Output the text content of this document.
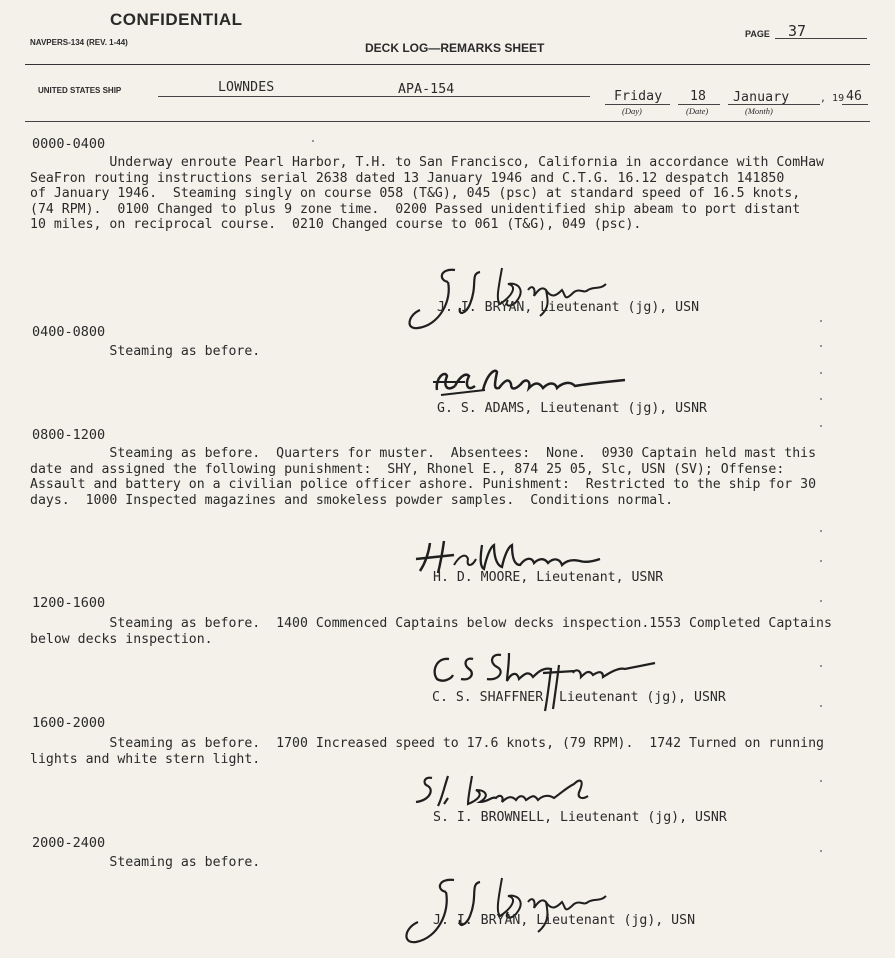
CONFIDENTIAL
NAVPERS-134 (REV. 1-44)	DECK LOG—REMARKS SHEET
PAGE 37
UNITED STATES SHIP	LOWNDES	APA-154	Friday 18 January	, 19 46
(Day)	(Date)	(Month)
0000-0400
Underway enroute Pearl Harbor, T.H. to San Francisco, California in accordance with ComHaw
SeaFron routing instructions serial 2638 dated 13 January 1946 and C.T.G. 16.12 despatch 141850
of January 1946.  Steaming singly on course 058 (T&G), 045 (psc) at standard speed of 16.5 knots,
(74 RPM).  0100 Changed to plus 9 zone time.  0200 Passed unidentified ship abeam to port distant
10 miles, on reciprocal course.  0210 Changed course to 061 (T&G), 049 (psc).
J. I. BRYAN, Lieutenant (jg), USN
0400-0800
Steaming as before.
G. S. ADAMS, Lieutenant (jg), USNR
0800-1200
Steaming as before.  Quarters for muster.  Absentees:  None.  0930 Captain held mast this
date and assigned the following punishment:  SHY, Rhonel E., 874 25 05, Slc, USN (SV); Offense:
Assault and battery on a civilian police officer ashore. Punishment:  Restricted to the ship for 30
days.  1000 Inspected magazines and smokeless powder samples.  Conditions normal.
H. D. MOORE, Lieutenant, USNR
1200-1600
Steaming as before.  1400 Commenced Captains below decks inspection.1553 Completed Captains
below decks inspection.
C. S. SHAFFNER, Lieutenant (jg), USNR
1600-2000
Steaming as before.  1700 Increased speed to 17.6 knots, (79 RPM).  1742 Turned on running
lights and white stern light.
S. I. BROWNELL, Lieutenant (jg), USNR
2000-2400
Steaming as before.
J. I. BRYAN, Lieutenant (jg), USN
